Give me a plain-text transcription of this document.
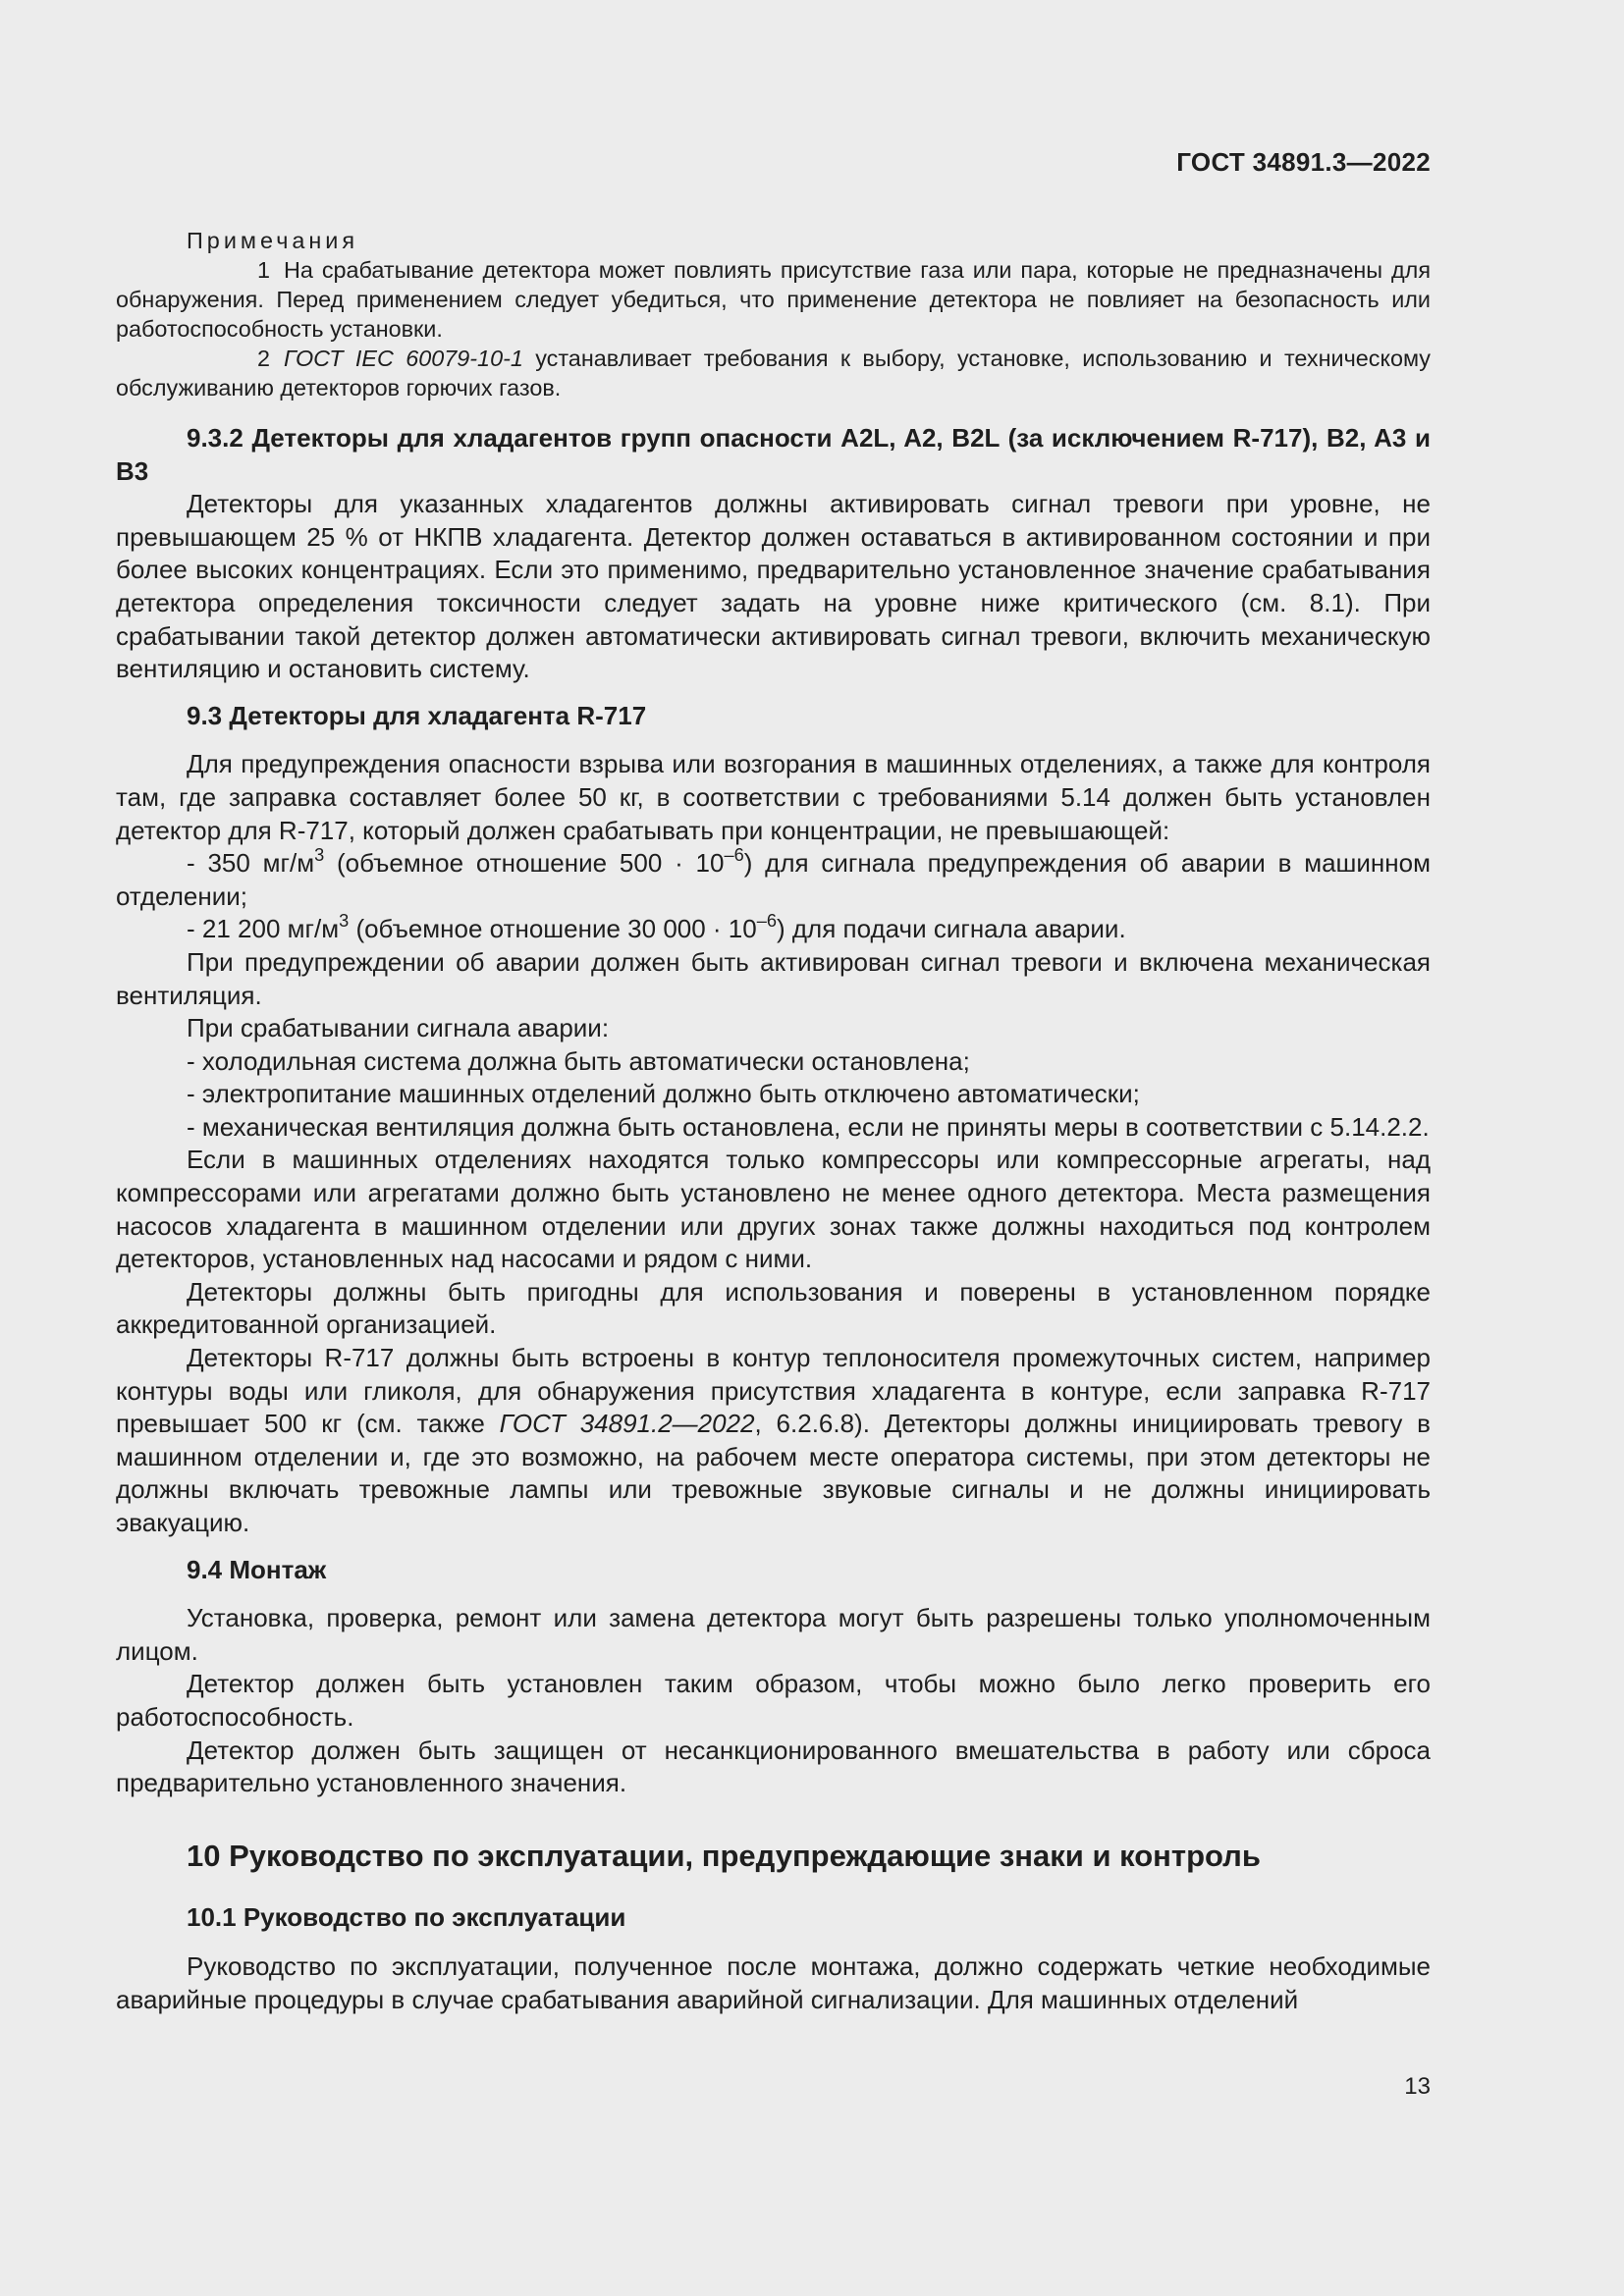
ГОСТ 34891.3—2022

Примечания

1 На срабатывание детектора может повлиять присутствие газа или пара, которые не предназначены для обнаружения. Перед применением следует убедиться, что применение детектора не повлияет на безопасность или работоспособность установки.

2 ГОСТ IEC 60079-10-1 устанавливает требования к выбору, установке, использованию и техническому обслуживанию детекторов горючих газов.

9.3.2 Детекторы для хладагентов групп опасности A2L, A2, B2L (за исключением R-717), B2, A3 и B3

Детекторы для указанных хладагентов должны активировать сигнал тревоги при уровне, не превышающем 25 % от НКПВ хладагента. Детектор должен оставаться в активированном состоянии и при более высоких концентрациях. Если это применимо, предварительно установленное значение срабатывания детектора определения токсичности следует задать на уровне ниже критического (см. 8.1). При срабатывании такой детектор должен автоматически активировать сигнал тревоги, включить механическую вентиляцию и остановить систему.

9.3 Детекторы для хладагента R-717

Для предупреждения опасности взрыва или возгорания в машинных отделениях, а также для контроля там, где заправка составляет более 50 кг, в соответствии с требованиями 5.14 должен быть установлен детектор для R-717, который должен срабатывать при концентрации, не превышающей:

- 350 $мг/м^3$ (объемное отношение $500 \cdot 10^{-6}$) для сигнала предупреждения об аварии в машинном отделении;

- 21 200 $мг/м^3$ (объемное отношение 30 $000 \cdot 10^{-6}$) для подачи сигнала аварии.

При предупреждении об аварии должен быть активирован сигнал тревоги и включена механическая вентиляция.

При срабатывании сигнала аварии:

- холодильная система должна быть автоматически остановлена;

- электропитание машинных отделений должно быть отключено автоматически;

- механическая вентиляция должна быть остановлена, если не приняты меры в соответствии с 5.14.2.2.

Если в машинных отделениях находятся только компрессоры или компрессорные агрегаты, над компрессорами или агрегатами должно быть установлено не менее одного детектора. Места размещения насосов хладагента в машинном отделении или других зонах также должны находиться под контролем детекторов, установленных над насосами и рядом с ними.

Детекторы должны быть пригодны для использования и поверены в установленном порядке аккредитованной организацией.

Детекторы R-717 должны быть встроены в контур теплоносителя промежуточных систем, например контуры воды или гликоля, для обнаружения присутствия хладагента в контуре, если заправка R-717 превышает 500 кг (см. также ГОСТ 34891.2—2022, 6.2.6.8). Детекторы должны инициировать тревогу в машинном отделении и, где это возможно, на рабочем месте оператора системы, при этом детекторы не должны включать тревожные лампы или тревожные звуковые сигналы и не должны инициировать эвакуацию.

9.4 Монтаж

Установка, проверка, ремонт или замена детектора могут быть разрешены только уполномоченным лицом.

Детектор должен быть установлен таким образом, чтобы можно было легко проверить его работоспособность.

Детектор должен быть защищен от несанкционированного вмешательства в работу или сброса предварительно установленного значения.

10 Руководство по эксплуатации, предупреждающие знаки и контроль

10.1 Руководство по эксплуатации

Руководство по эксплуатации, полученное после монтажа, должно содержать четкие необходимые аварийные процедуры в случае срабатывания аварийной сигнализации. Для машинных отделений

13
